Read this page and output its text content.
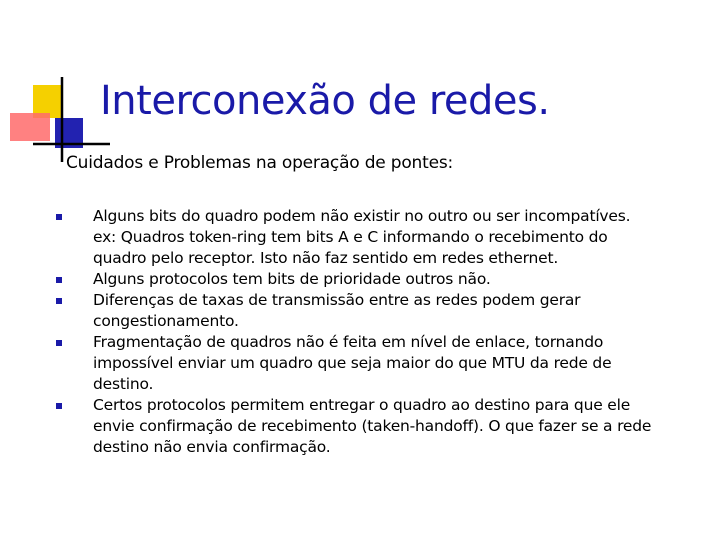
Interconexão de redes.
Cuidados e Problemas na operação de pontes:
Alguns bits do quadro podem não existir no outro ou ser incompatíves.
ex: Quadros token-ring tem bits A e C informando o recebimento do
quadro pelo receptor. Isto não faz sentido em redes ethernet.
Alguns protocolos tem bits de prioridade outros não.
Diferenças de taxas de transmissão entre as redes podem gerar
congestionamento.
Fragmentação de quadros não é feita em nível de enlace, tornando
impossível enviar um quadro que seja maior do que MTU da rede de
destino.
Certos protocolos permitem entregar o quadro ao destino para que ele
envie confirmação de recebimento (taken-handoff). O que fazer se a rede
destino não envia confirmação.
